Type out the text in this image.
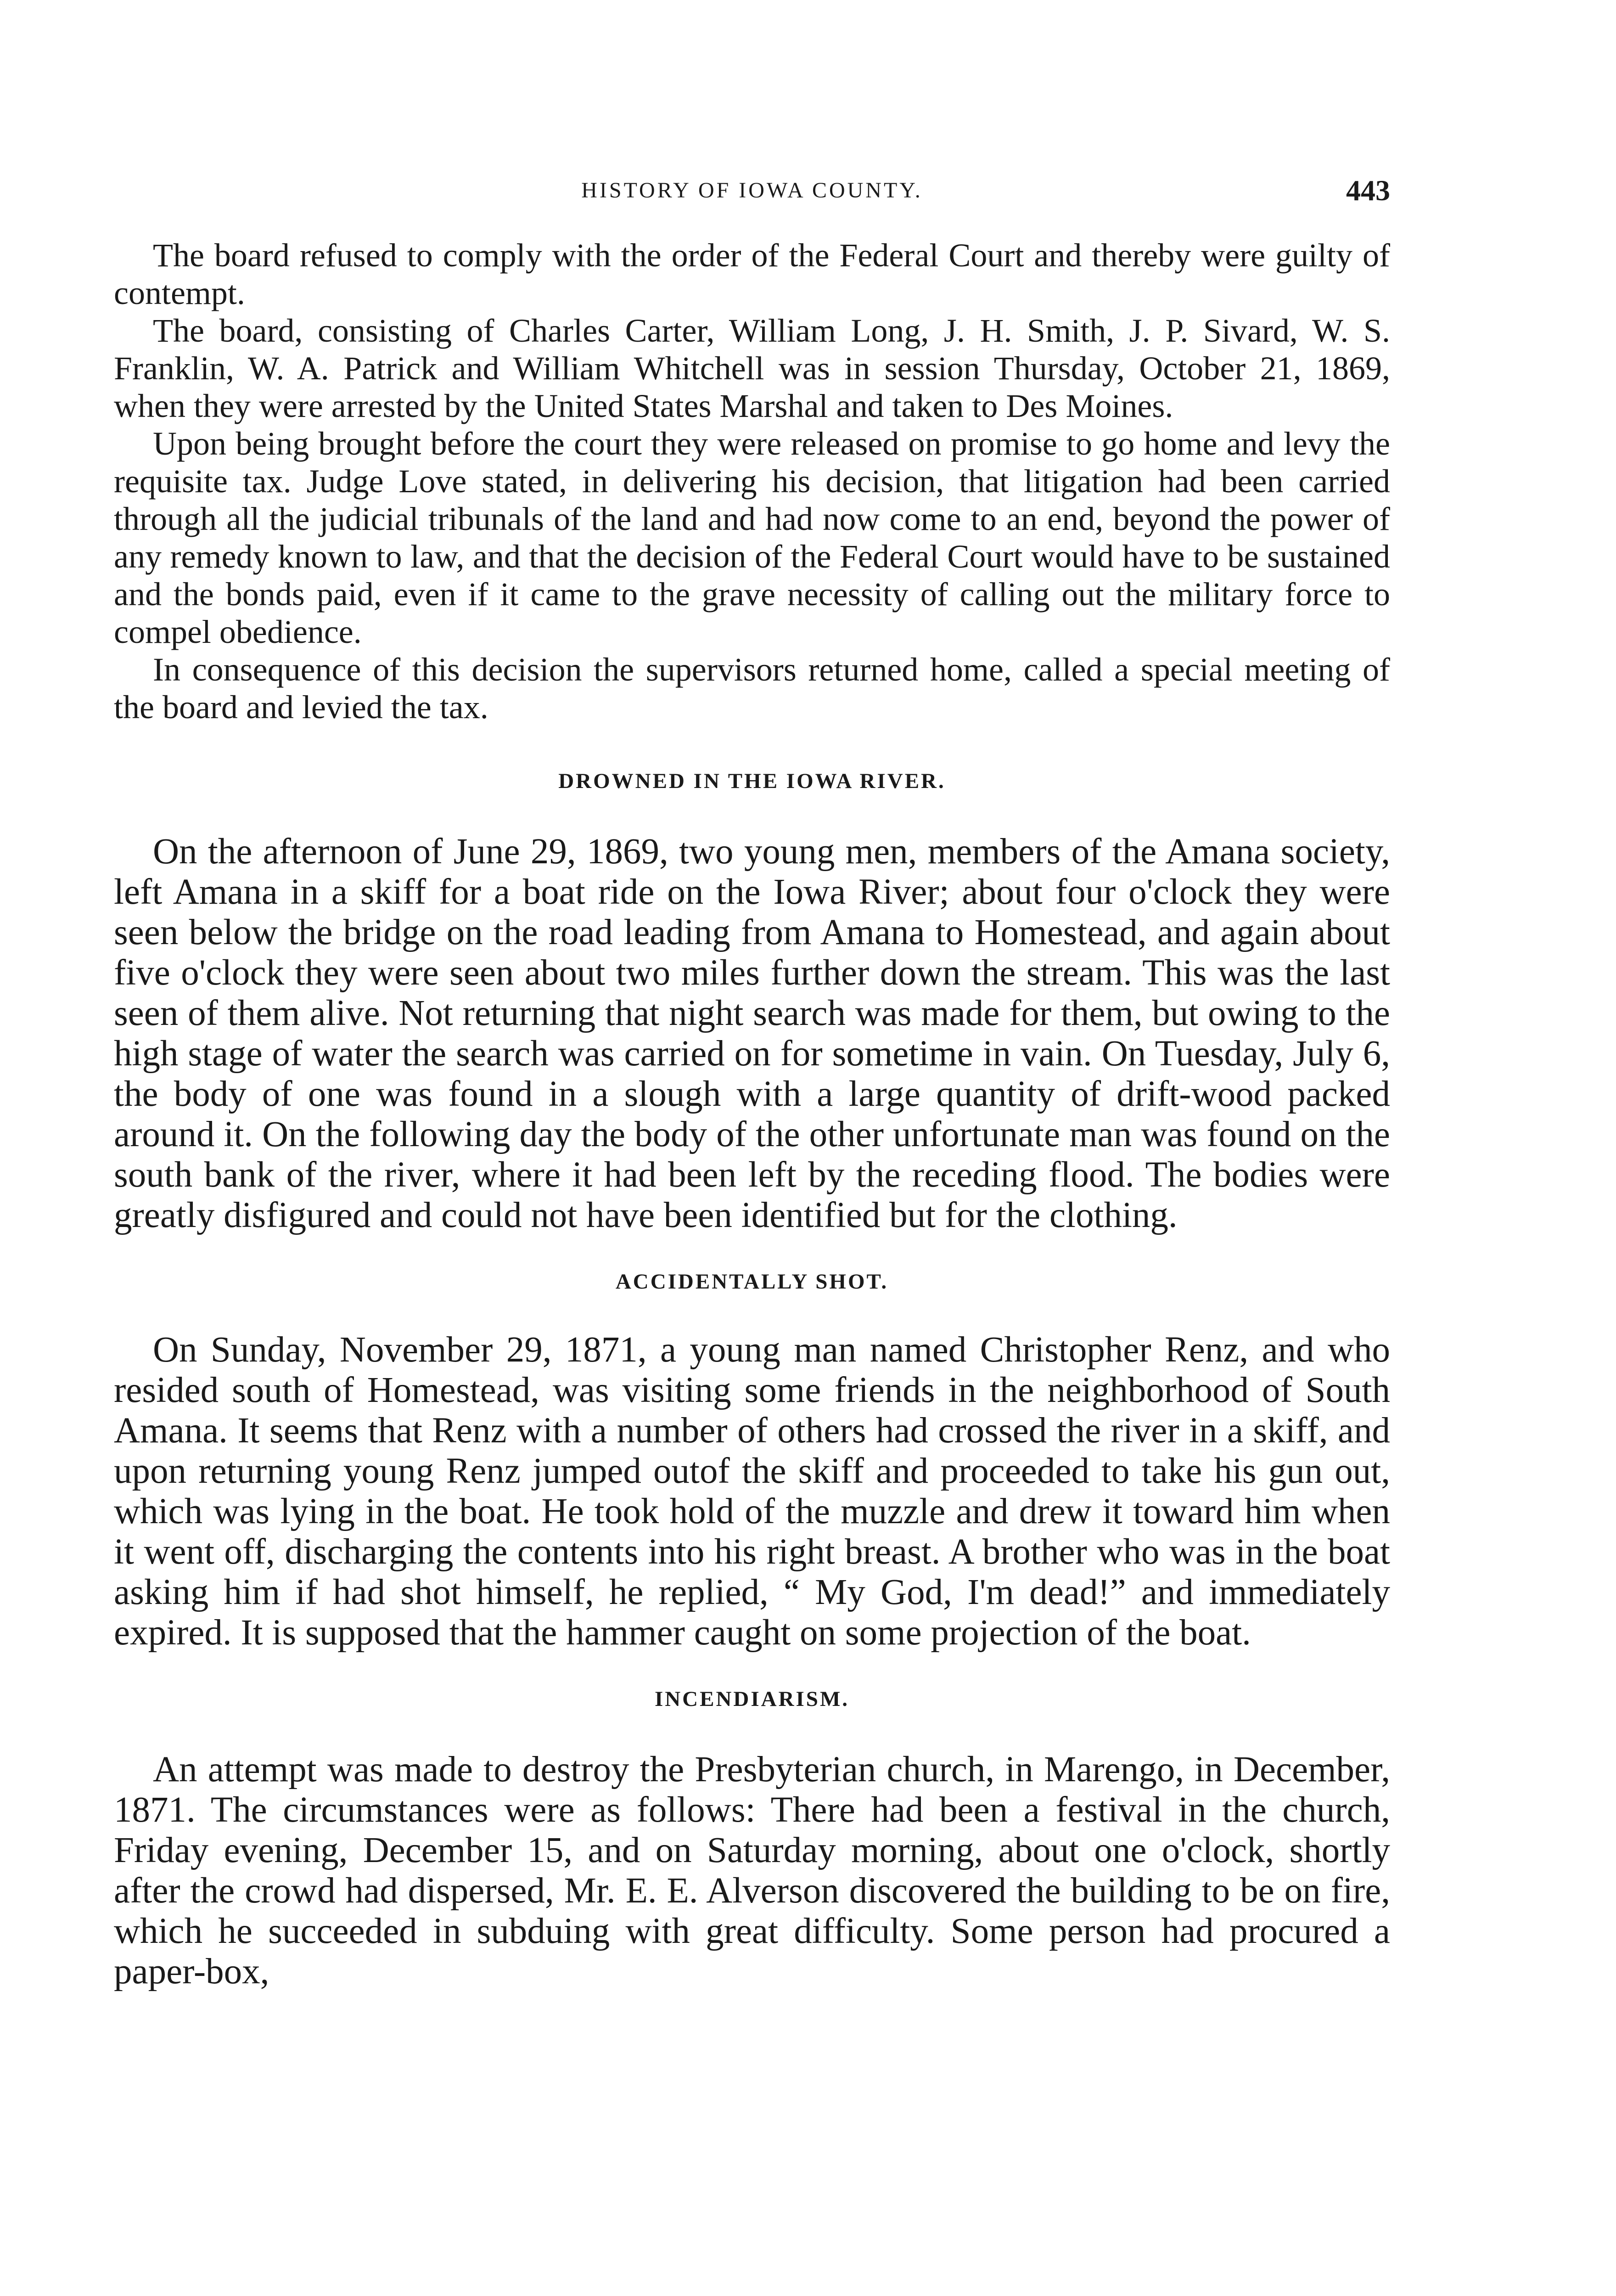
HISTORY OF IOWA COUNTY.	443

The board refused to comply with the order of the Federal Court and thereby were guilty of contempt.

The board, consisting of Charles Carter, William Long, J. H. Smith, J. P. Sivard, W. S. Franklin, W. A. Patrick and William Whitchell was in session Thursday, October 21, 1869, when they were arrested by the United States Marshal and taken to Des Moines.

Upon being brought before the court they were released on promise to go home and levy the requisite tax. Judge Love stated, in delivering his decision, that litigation had been carried through all the judicial tribunals of the land and had now come to an end, beyond the power of any remedy known to law, and that the decision of the Federal Court would have to be sustained and the bonds paid, even if it came to the grave necessity of calling out the military force to compel obedience.

In consequence of this decision the supervisors returned home, called a special meeting of the board and levied the tax.

DROWNED IN THE IOWA RIVER.

On the afternoon of June 29, 1869, two young men, members of the Amana society, left Amana in a skiff for a boat ride on the Iowa River; about four o'clock they were seen below the bridge on the road leading from Amana to Homestead, and again about five o'clock they were seen about two miles further down the stream. This was the last seen of them alive. Not returning that night search was made for them, but owing to the high stage of water the search was carried on for sometime in vain. On Tuesday, July 6, the body of one was found in a slough with a large quantity of drift-wood packed around it. On the following day the body of the other unfortunate man was found on the south bank of the river, where it had been left by the receding flood. The bodies were greatly disfigured and could not have been identified but for the clothing.

ACCIDENTALLY SHOT.

On Sunday, November 29, 1871, a young man named Christopher Renz, and who resided south of Homestead, was visiting some friends in the neighborhood of South Amana. It seems that Renz with a number of others had crossed the river in a skiff, and upon returning young Renz jumped outof the skiff and proceeded to take his gun out, which was lying in the boat. He took hold of the muzzle and drew it toward him when it went off, discharging the contents into his right breast. A brother who was in the boat asking him if had shot himself, he replied, “ My God, I'm dead!” and immediately expired. It is supposed that the hammer caught on some projection of the boat.

INCENDIARISM.

An attempt was made to destroy the Presbyterian church, in Marengo, in December, 1871. The circumstances were as follows: There had been a festival in the church, Friday evening, December 15, and on Saturday morning, about one o'clock, shortly after the crowd had dispersed, Mr. E. E. Alverson discovered the building to be on fire, which he succeeded in subduing with great difficulty. Some person had procured a paper-box,
